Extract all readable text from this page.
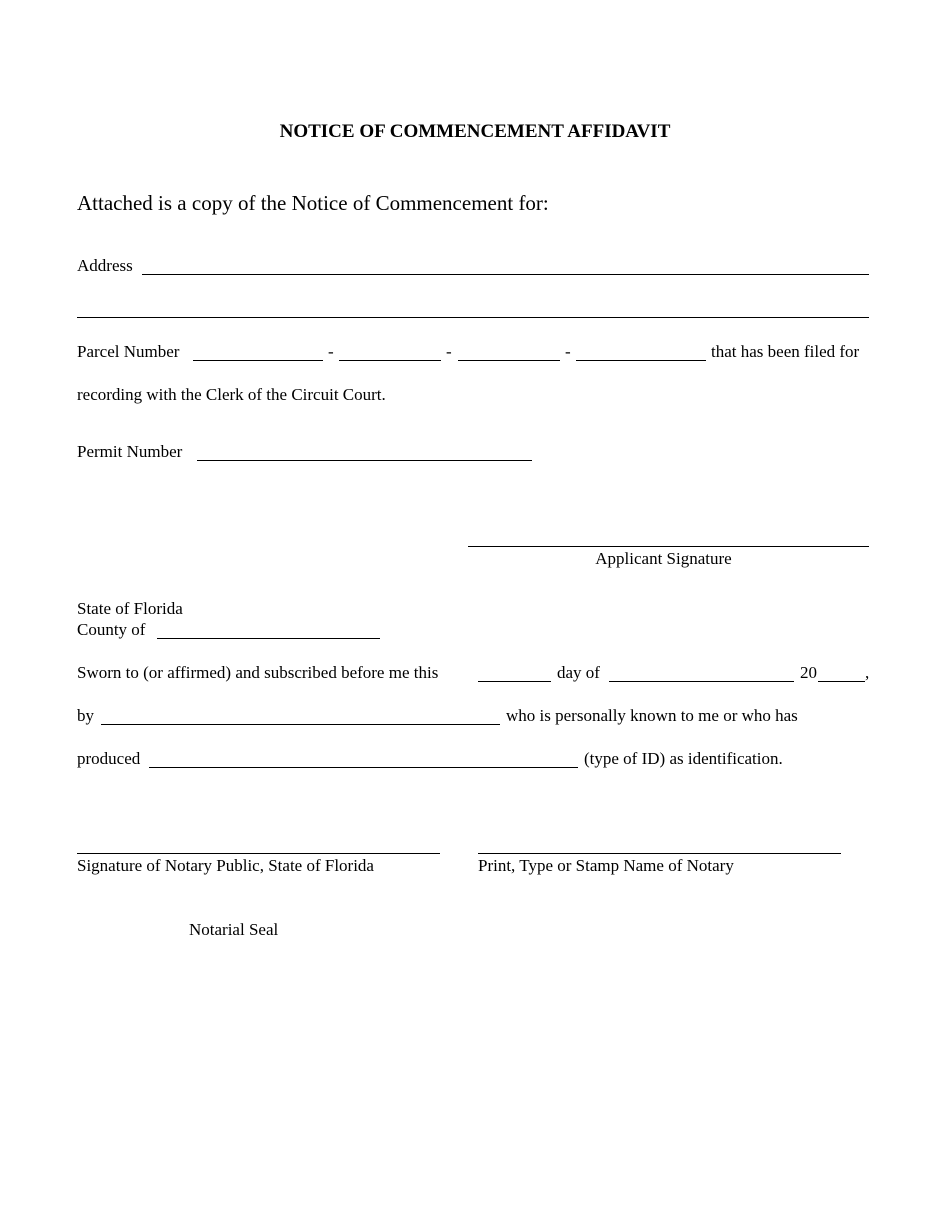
NOTICE OF COMMENCEMENT AFFIDAVIT
Attached is a copy of the Notice of Commencement for:
Address
Parcel Number	-	-	-	that has been filed for
recording with the Clerk of the Circuit Court.
Permit Number
Applicant Signature
State of Florida
County of
Sworn to (or affirmed) and subscribed before me this	day of	20	,
by	who is personally known to me or who has
produced	(type of ID) as identification.
Signature of Notary Public, State of Florida	Print, Type or Stamp Name of Notary
Notarial Seal
